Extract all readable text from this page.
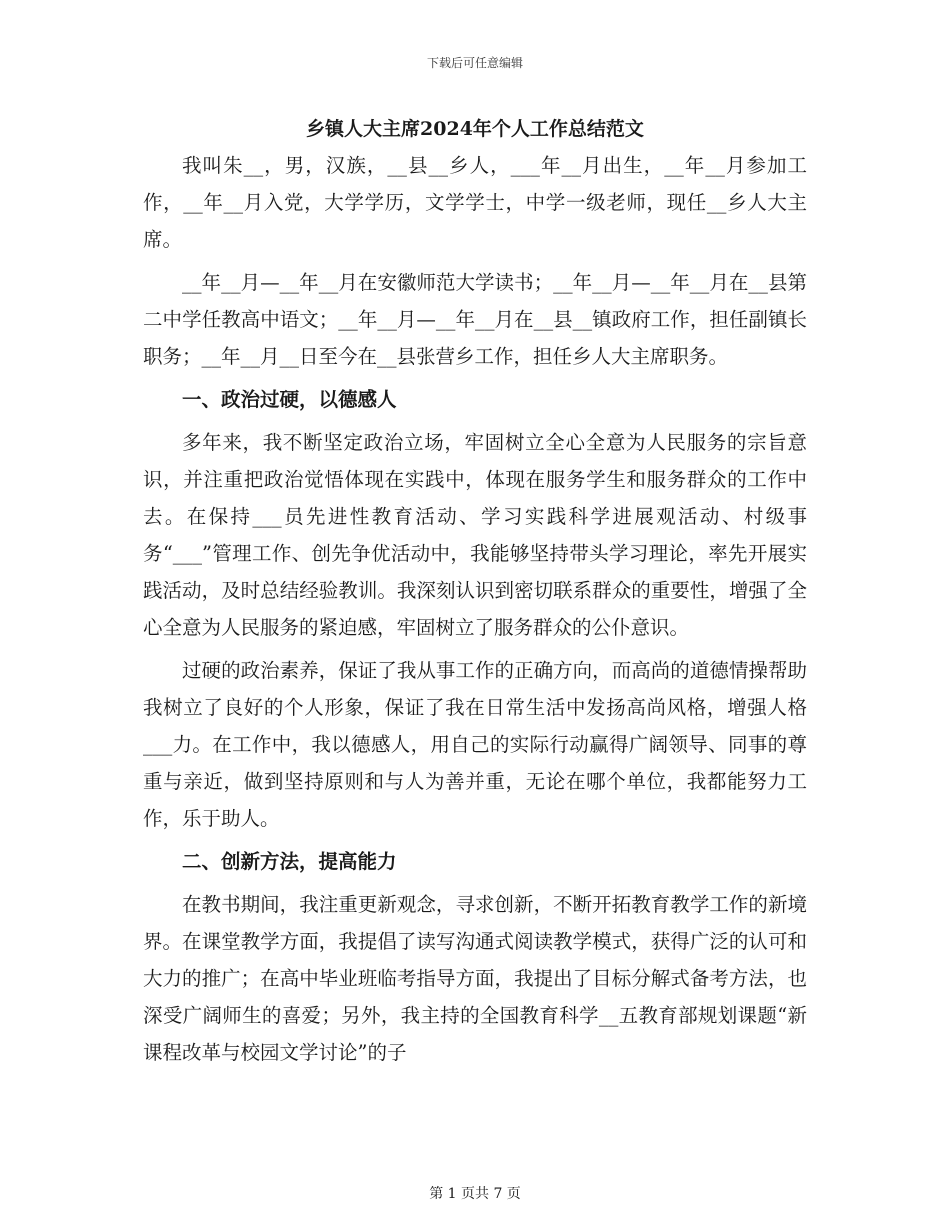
下载后可任意编辑
乡镇人大主席2024年个人工作总结范文

我叫朱__，男，汉族，__县__乡人，___年__月出生，__年__月参加工作，__年__月入党，大学学历，文学学士，中学一级老师，现任__乡人大主席。

__年__月—__年__月在安徽师范大学读书；__年__月—__年__月在__县第二中学任教高中语文；__年__月—__年__月在__县__镇政府工作，担任副镇长职务；__年__月__日至今在__县张营乡工作，担任乡人大主席职务。

一、政治过硬，以德感人

多年来，我不断坚定政治立场，牢固树立全心全意为人民服务的宗旨意识，并注重把政治觉悟体现在实践中，体现在服务学生和服务群众的工作中去。在保持___员先进性教育活动、学习实践科学进展观活动、村级事务“___”管理工作、创先争优活动中，我能够坚持带头学习理论，率先开展实践活动，及时总结经验教训。我深刻认识到密切联系群众的重要性，增强了全心全意为人民服务的紧迫感，牢固树立了服务群众的公仆意识。

过硬的政治素养，保证了我从事工作的正确方向，而高尚的道德情操帮助我树立了良好的个人形象，保证了我在日常生活中发扬高尚风格，增强人格___力。在工作中，我以德感人，用自己的实际行动赢得广阔领导、同事的尊重与亲近，做到坚持原则和与人为善并重，无论在哪个单位，我都能努力工作，乐于助人。

二、创新方法，提高能力

在教书期间，我注重更新观念，寻求创新，不断开拓教育教学工作的新境界。在课堂教学方面，我提倡了读写沟通式阅读教学模式，获得广泛的认可和大力的推广；在高中毕业班临考指导方面，我提出了目标分解式备考方法，也深受广阔师生的喜爱；另外，我主持的全国教育科学__五教育部规划课题“新课程改革与校园文学讨论”的子

第 1 页共 7 页
